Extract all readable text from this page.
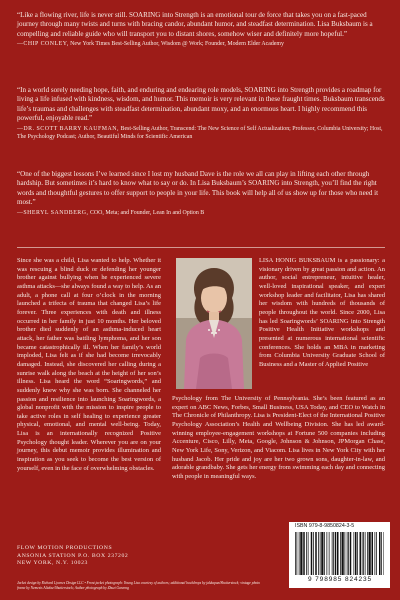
“Like a flowing river, life is never still. SOARING into Strength is an emotional tour de force that takes you on a fast-paced journey through many twists and turns with bracing candor, abundant humor, and steadfast determination. Lisa Buksbaum is a compelling and reliable guide who will transport you to distant shores, somehow wiser and definitely more hopeful.”

—CHIP CONLEY, New York Times Best-Selling Author, Wisdom @ Work; Founder, Modern Elder Academy

“In a world sorely needing hope, faith, and enduring and endearing role models, SOARING into Strength provides a roadmap for living a life infused with kindness, wisdom, and humor. This memoir is very relevant in these fraught times. Buksbaum transcends life’s traumas and challenges with steadfast determination, abundant moxy, and an enormous heart. I highly recommend this powerful, enjoyable read.”

—DR. SCOTT BARRY KAUFMAN, Best-Selling Author, Transcend: The New Science of Self Actualization; Professor, Columbia University; Host, The Psychology Podcast; Author, Beautiful Minds for Scientific American

“One of the biggest lessons I’ve learned since I lost my husband Dave is the role we all can play in lifting each other through hardship. But sometimes it’s hard to know what to say or do. In Lisa Buksbaum’s SOARING into Strength, you’ll find the right words and thoughtful gestures to offer support to people in your life. This book will help all of us show up for those who need it most.”

—SHERYL SANDBERG, COO, Meta; and Founder, Lean In and Option B

Since she was a child, Lisa wanted to help. Whether it was rescuing a blind duck or defending her younger brother against bullying when he experienced severe asthma attacks—she always found a way to help. As an adult, a phone call at four o’clock in the morning launched a trifecta of trauma that changed Lisa’s life forever. Three experiences with death and illness occurred in her family in just 10 months. Her beloved brother died suddenly of an asthma-induced heart attack, her father was battling lymphoma, and her son became catastrophically ill. When her family’s world imploded, Lisa felt as if she had become irrevocably damaged. Instead, she discovered her calling during a sunrise walk along the beach at the height of her son’s illness. Lisa heard the word “Soaringwords,” and suddenly knew why she was born. She channeled her passion and resilience into launching Soaringwords, a global nonprofit with the mission to inspire people to take active roles in self healing to experience greater physical, emotional, and mental well-being. Today, Lisa is an internationally recognized Positive Psychology thought leader. Wherever you are on your journey, this debut memoir provides illumination and inspiration as you seek to become the best version of yourself, even in the face of overwhelming obstacles.

LISA HONIG BUKSBAUM is a passionary: a visionary driven by great passion and action. An author, social entrepreneur, intuitive healer, well-loved inspirational speaker, and expert workshop leader and facilitator, Lisa has shared her wisdom with hundreds of thousands of people throughout the world. Since 2000, Lisa has led Soaringwords’ SOARING into Strength Positive Health Initiative workshops and presented at numerous international scientific conferences. She holds an MBA in marketing from Columbia University Graduate School of Business and a Master of Applied Positive

Psychology from The University of Pennsylvania. She’s been featured as an expert on ABC News, Forbes, Small Business, USA Today, and CEO to Watch in The Chronicle of Philanthropy. Lisa is President-Elect of the International Positive Psychology Association’s Health and Wellbeing Division. She has led award-winning employee-engagement workshops at Fortune 500 companies including Accenture, Cisco, Lilly, Meta, Google, Johnson & Johnson, JPMorgan Chase, New York Life, Sony, Verizon, and Viacom. Lisa lives in New York City with her husband Jacob. Her pride and joy are her two grown sons, daughter-in-law, and adorable grandbaby. She gets her energy from swimming each day and connecting with people in meaningful ways.

FLOW MOTION PRODUCTIONS
ANSONIA STATION P.O. BOX 237202
NEW YORK, N.Y. 10023

Jacket design by Richard Ljoenes Design LLC • Front jacket photograph: Young Lisa courtesy of authors; additional backdrops by jakkapan/Shutterstock; vintage photo frame by Nemesis Aliakse/Shutterstock; Author photograph by Zhuzi Garzeng

ISBN 979-8-9850824-3-5

9 798985 824235
